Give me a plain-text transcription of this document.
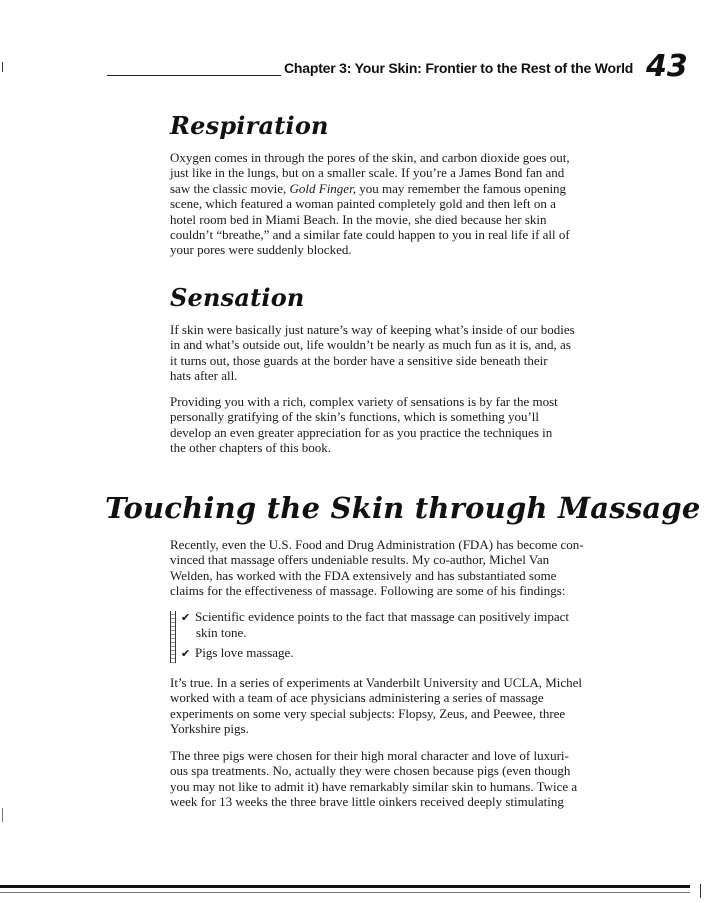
Chapter 3: Your Skin: Frontier to the Rest of the World 43
Respiration
Oxygen comes in through the pores of the skin, and carbon dioxide goes out,
just like in the lungs, but on a smaller scale. If you’re a James Bond fan and
saw the classic movie, Gold Finger, you may remember the famous opening
scene, which featured a woman painted completely gold and then left on a
hotel room bed in Miami Beach. In the movie, she died because her skin
couldn’t “breathe,” and a similar fate could happen to you in real life if all of
your pores were suddenly blocked.
Sensation
If skin were basically just nature’s way of keeping what’s inside of our bodies
in and what’s outside out, life wouldn’t be nearly as much fun as it is, and, as
it turns out, those guards at the border have a sensitive side beneath their
hats after all.
Providing you with a rich, complex variety of sensations is by far the most
personally gratifying of the skin’s functions, which is something you’ll
develop an even greater appreciation for as you practice the techniques in
the other chapters of this book.
Touching the Skin through Massage
Recently, even the U.S. Food and Drug Administration (FDA) has become con-
vinced that massage offers undeniable results. My co-author, Michel Van
Welden, has worked with the FDA extensively and has substantiated some
claims for the effectiveness of massage. Following are some of his findings:
✔ Scientific evidence points to the fact that massage can positively impact
skin tone.
✔ Pigs love massage.
It’s true. In a series of experiments at Vanderbilt University and UCLA, Michel
worked with a team of ace physicians administering a series of massage
experiments on some very special subjects: Flopsy, Zeus, and Peewee, three
Yorkshire pigs.
The three pigs were chosen for their high moral character and love of luxuri-
ous spa treatments. No, actually they were chosen because pigs (even though
you may not like to admit it) have remarkably similar skin to humans. Twice a
week for 13 weeks the three brave little oinkers received deeply stimulating
